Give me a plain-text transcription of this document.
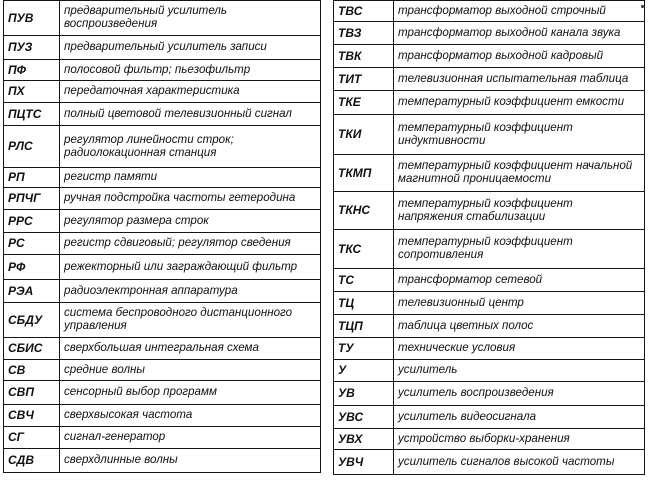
ПУВ	предварительный усилитель воспроизведения
ПУЗ	предварительный усилитель записи
ПФ	полосовой фильтр; пьезофильтр
ПХ	передаточная характеристика
ПЦТС	полный цветовой телевизионный сигнал
РЛС	регулятор линейности строк; радиолокационная станция
РП	регистр памяти
РПЧГ	ручная подстройка частоты гетеродина
РРС	регулятор размера строк
РС	регистр сдвиговый; регулятор сведения
РФ	режекторный или заграждающий фильтр
РЭА	радиоэлектронная аппаратура
СБДУ	система беспроводного дистанционного управления
СБИС	сверхбольшая интегральная схема
СВ	средние волны
СВП	сенсорный выбор программ
СВЧ	сверхвысокая частота
СГ	сигнал-генератор
СДВ	сверхдлинные волны
ТВС	трансформатор выходной строчный
ТВЗ	трансформатор выходной канала звука
ТВК	трансформатор выходной кадровый
ТИТ	телевизионная испытательная таблица
ТКЕ	температурный коэффициент емкости
ТКИ	температурный коэффициент индуктивности
ТКМП	температурный коэффициент начальной магнитной проницаемости
ТКНС	температурный коэффициент напряжения стабилизации
ТКС	температурный коэффициент сопротивления
ТС	трансформатор сетевой
ТЦ	телевизионный центр
ТЦП	таблица цветных полос
ТУ	технические условия
У	усилитель
УВ	усилитель воспроизведения
УВС	усилитель видеосигнала
УВХ	устройство выборки-хранения
УВЧ	усилитель сигналов высокой частоты
